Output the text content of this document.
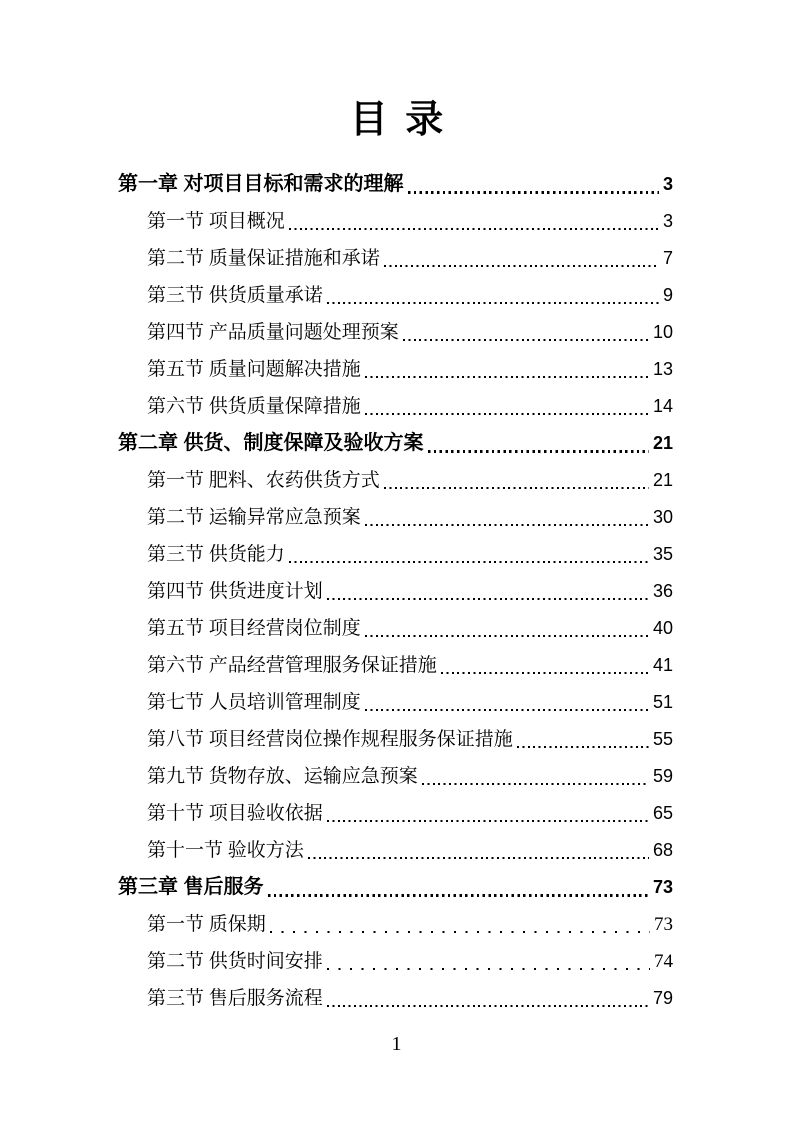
目 录
第一章 对项目目标和需求的理解	3
第一节 项目概况	3
第二节 质量保证措施和承诺	7
第三节 供货质量承诺	9
第四节 产品质量问题处理预案	10
第五节 质量问题解决措施	13
第六节 供货质量保障措施	14
第二章 供货、制度保障及验收方案	21
第一节 肥料、农药供货方式	21
第二节 运输异常应急预案	30
第三节 供货能力	35
第四节 供货进度计划	36
第五节 项目经营岗位制度	40
第六节 产品经营管理服务保证措施	41
第七节 人员培训管理制度	51
第八节 项目经营岗位操作规程服务保证措施	55
第九节 货物存放、运输应急预案	59
第十节 项目验收依据	65
第十一节 验收方法	68
第三章 售后服务	73
第一节 质保期	73
第二节 供货时间安排	74
第三节 售后服务流程	79
1
